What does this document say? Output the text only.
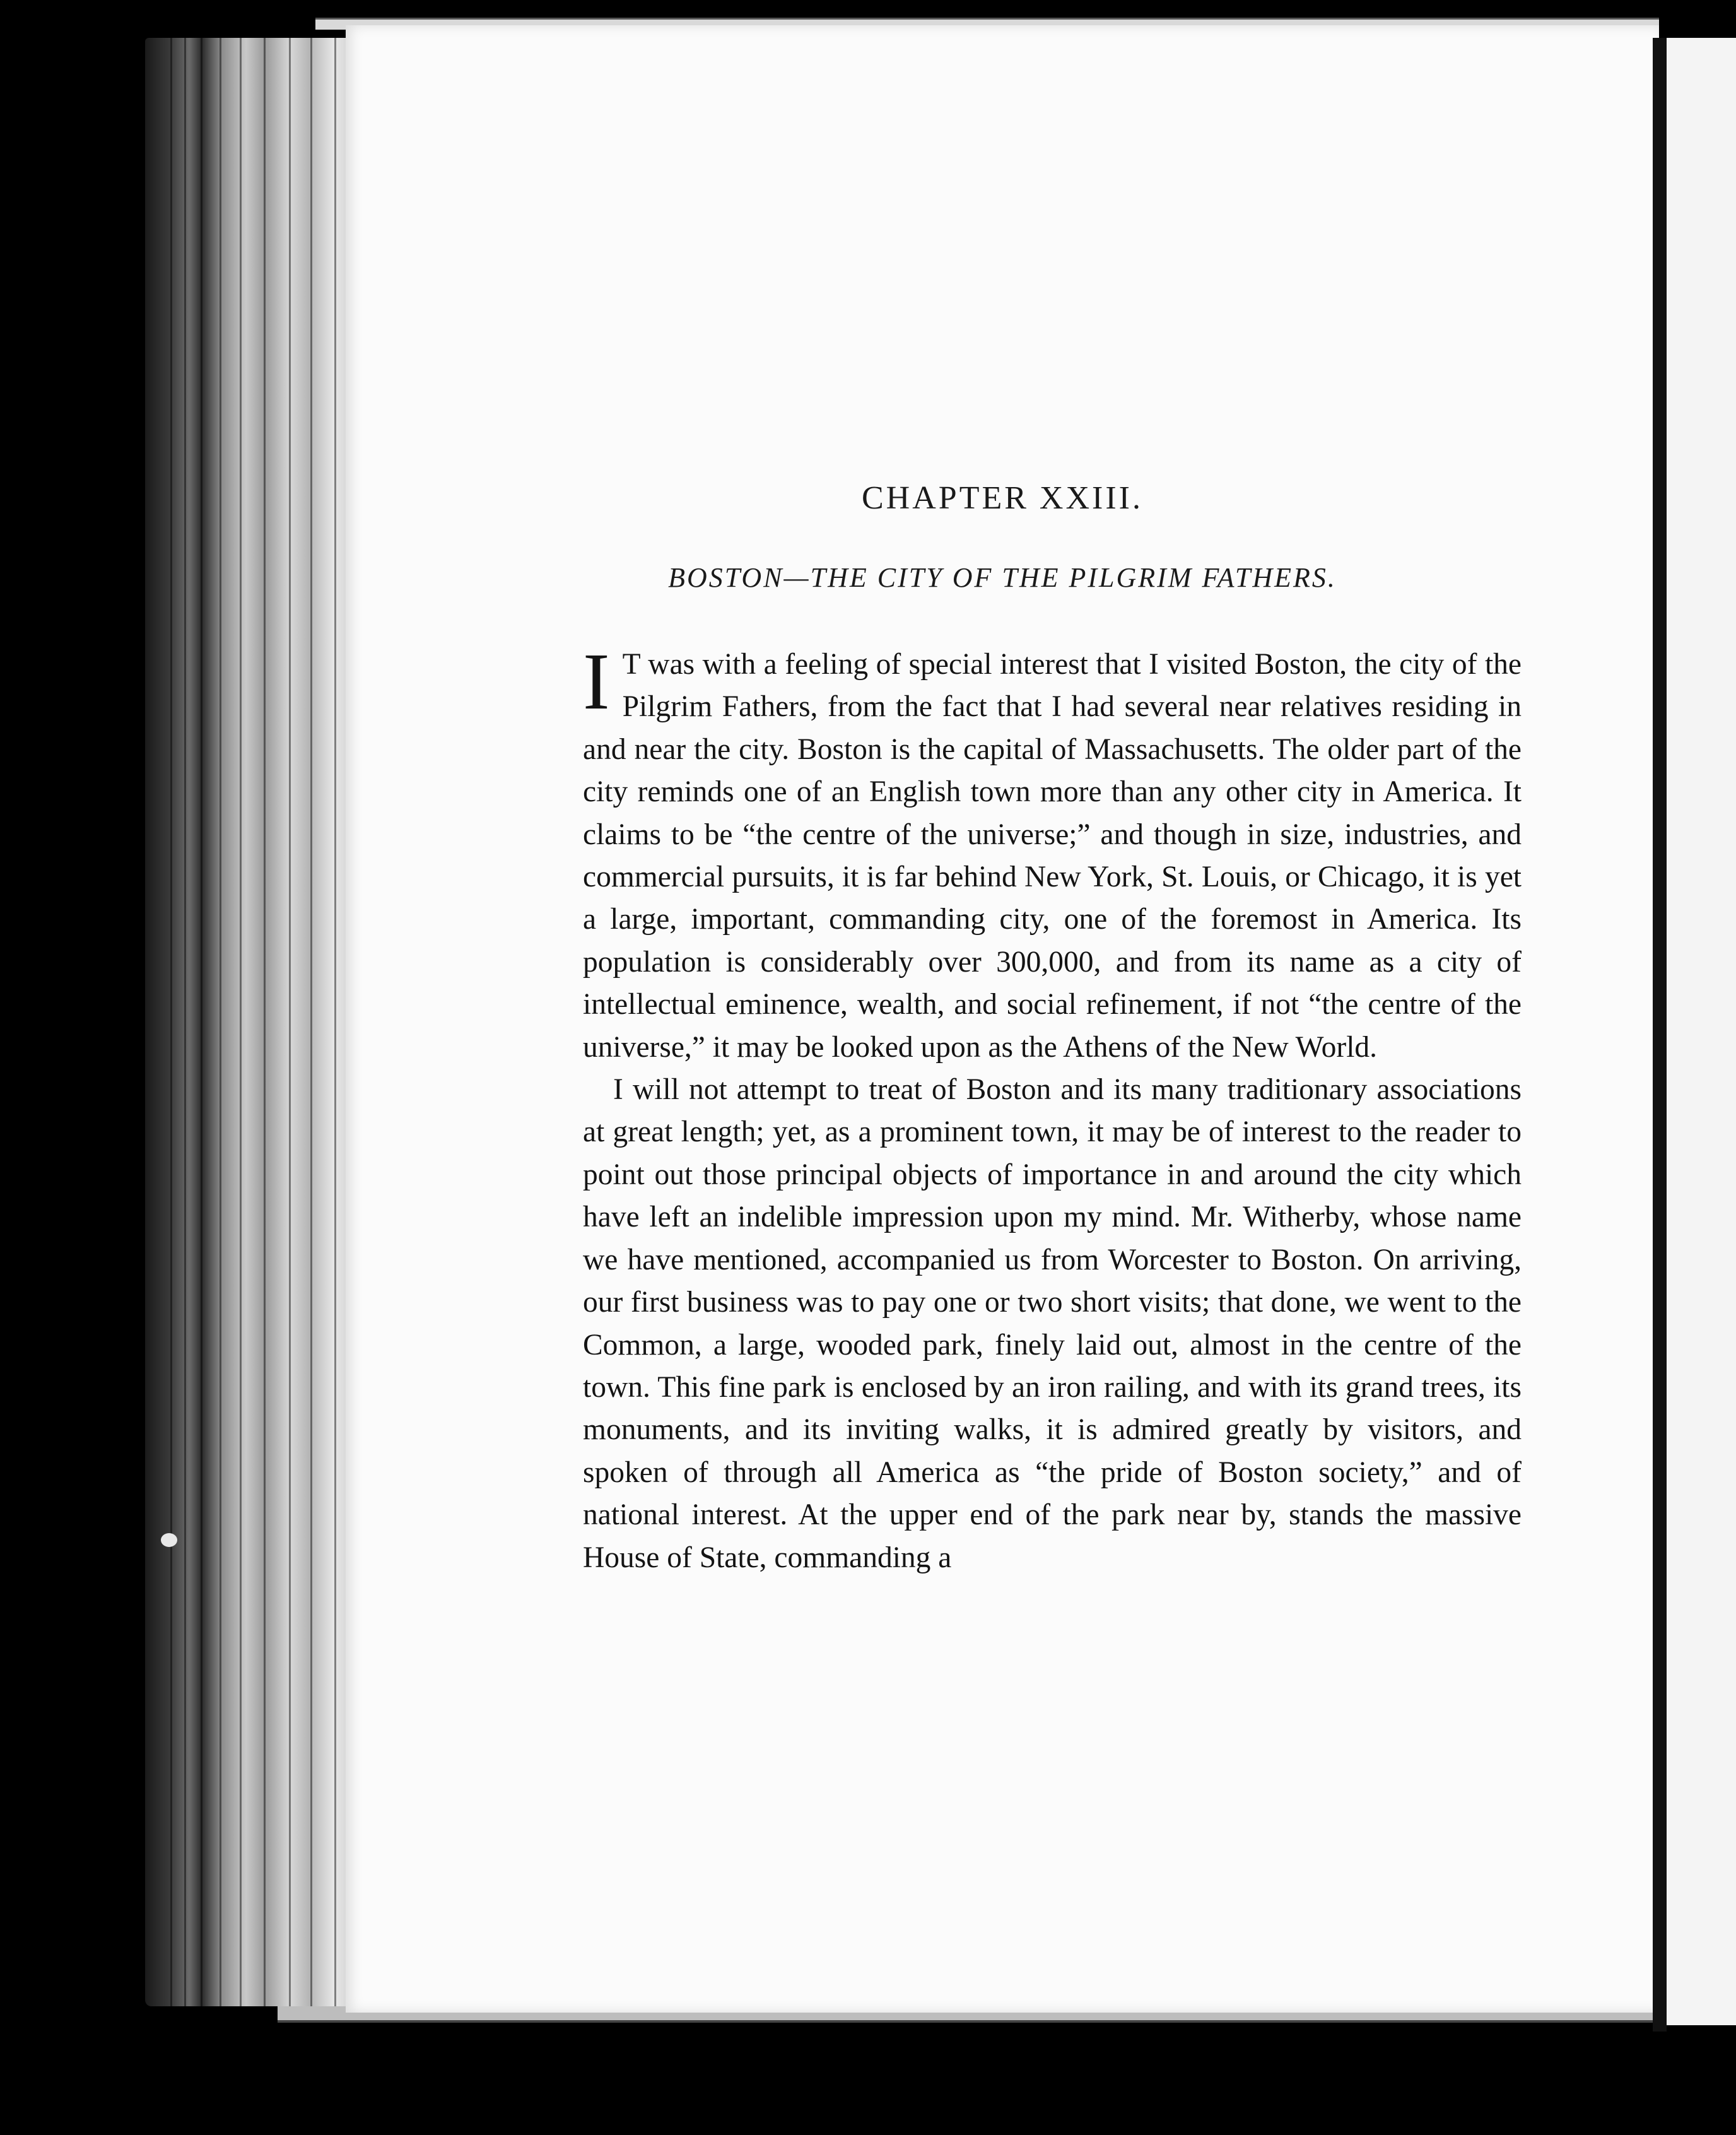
CHAPTER XXIII.
BOSTON—THE CITY OF THE PILGRIM FATHERS.

I T was with a feeling of special interest that I visited Boston, the city of the Pilgrim Fathers, from the fact that I had several near relatives residing in and near the city. Boston is the capital of Massachusetts. The older part of the city reminds one of an English town more than any other city in America. It claims to be “the centre of the universe;” and though in size, industries, and commercial pursuits, it is far behind New York, St. Louis, or Chicago, it is yet a large, important, commanding city, one of the foremost in America. Its population is considerably over 300,000, and from its name as a city of intellectual eminence, wealth, and social refinement, if not “the centre of the universe,” it may be looked upon as the Athens of the New World.

I will not attempt to treat of Boston and its many traditionary associations at great length; yet, as a prominent town, it may be of interest to the reader to point out those principal objects of importance in and around the city which have left an indelible impression upon my mind. Mr. Witherby, whose name we have mentioned, accompanied us from Worcester to Boston. On arriving, our first business was to pay one or two short visits; that done, we went to the Common, a large, wooded park, finely laid out, almost in the centre of the town. This fine park is enclosed by an iron railing, and with its grand trees, its monuments, and its inviting walks, it is admired greatly by visitors, and spoken of through all America as “the pride of Boston society,” and of national interest. At the upper end of the park near by, stands the massive House of State, commanding a
